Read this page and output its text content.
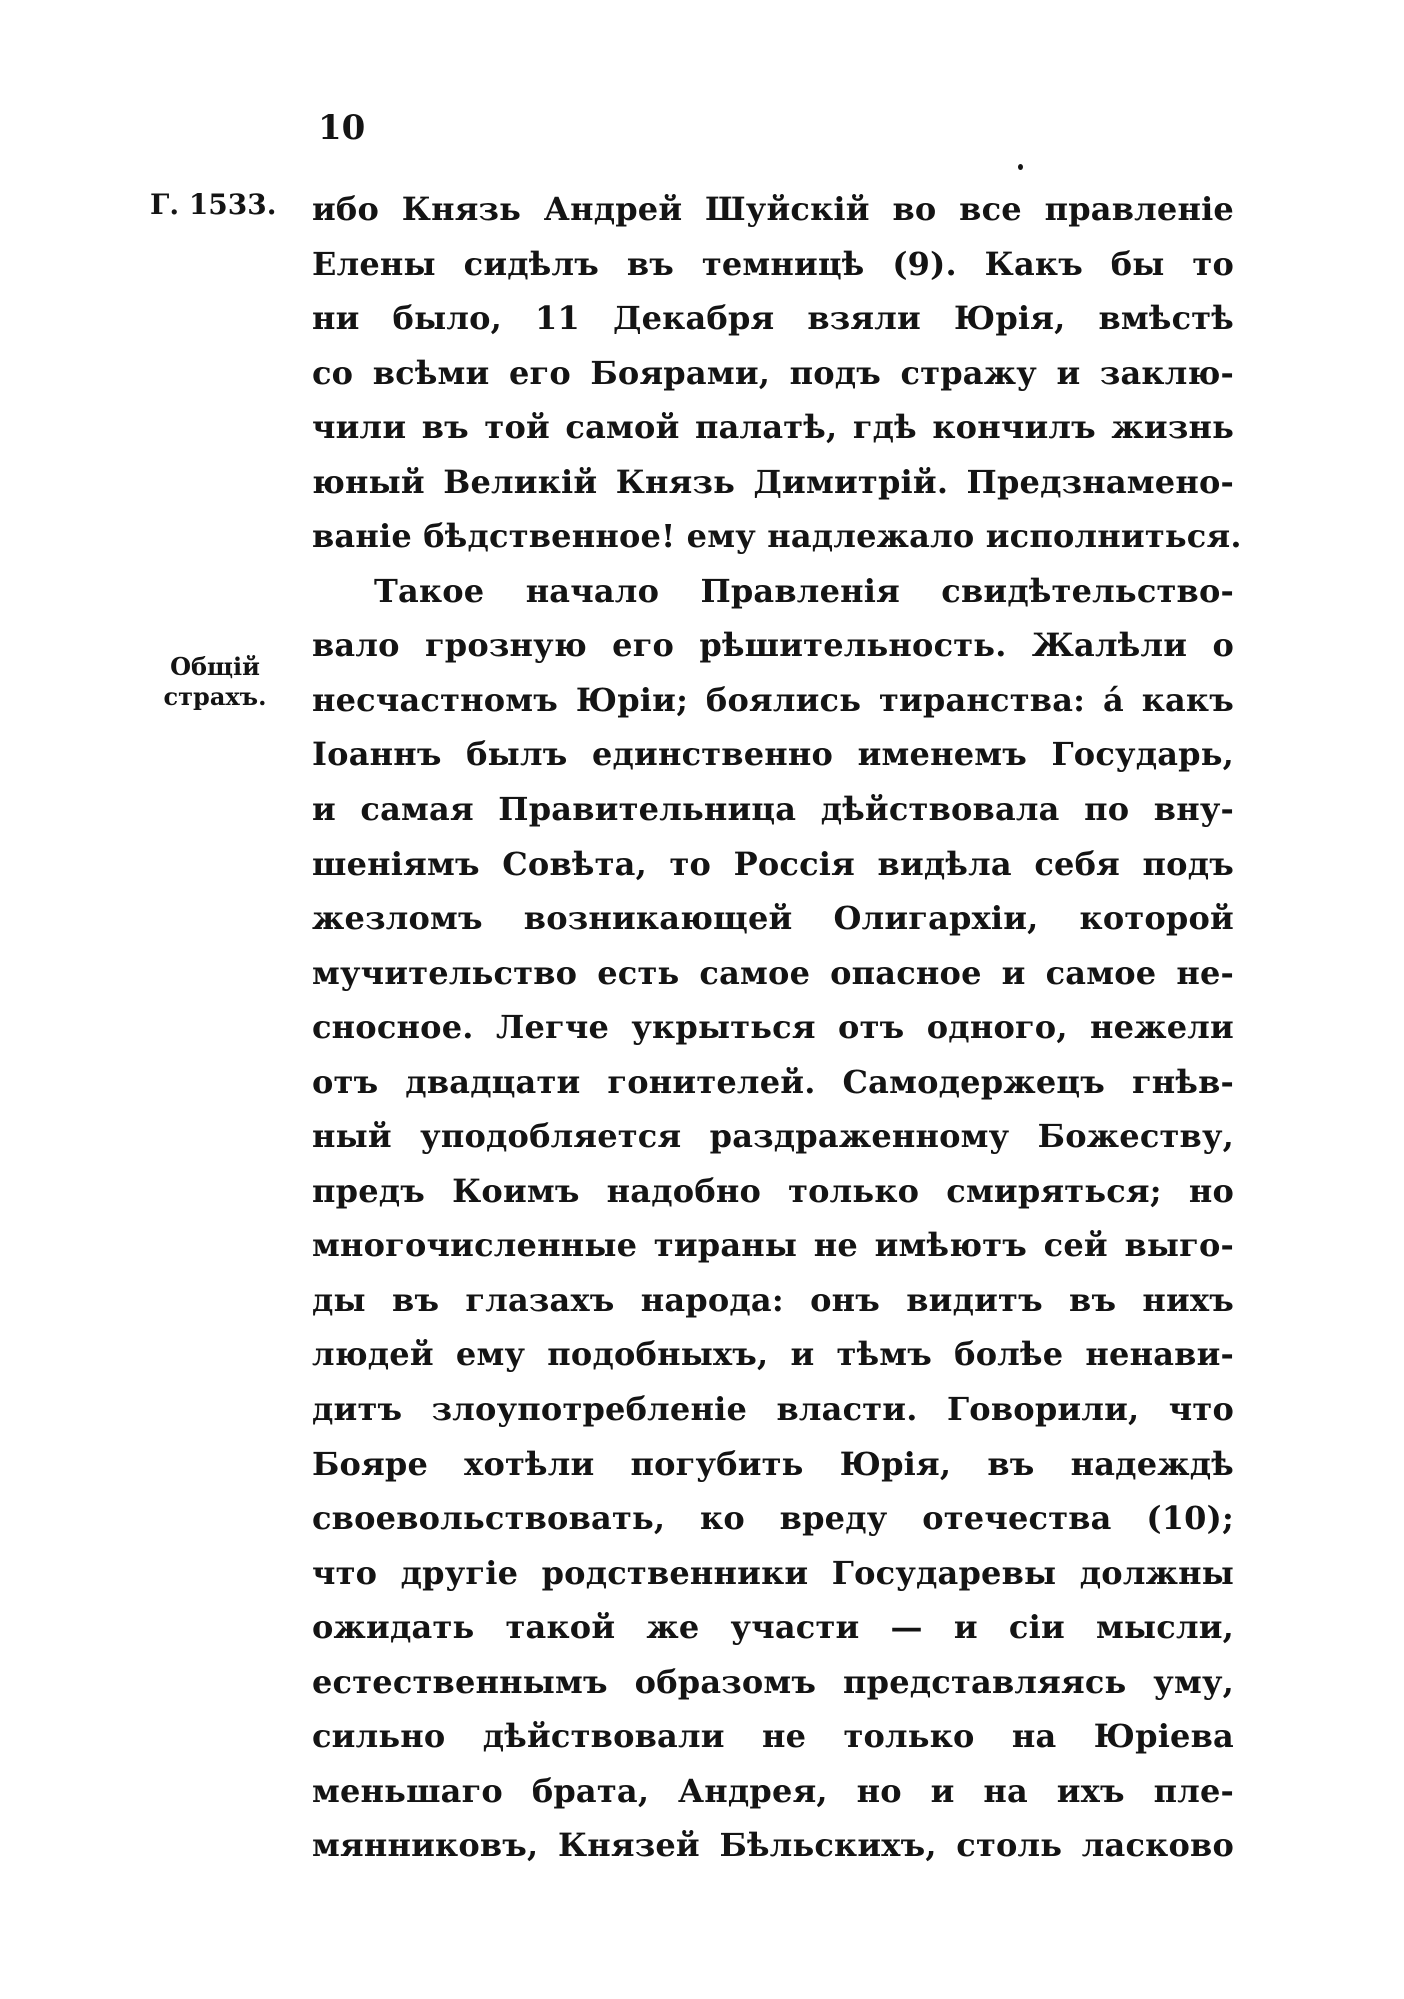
10
Г. 1533.
Общій
страхъ.
ибо Князь Андрей Шуйскій во все правленіе
Елены сидѣлъ въ темницѣ (9). Какъ бы то
ни было, 11 Декабря взяли Юрія, вмѣстѣ
со всѣми его Боярами, подъ стражу и заклю-
чили въ той самой палатѣ, гдѣ кончилъ жизнь
юный Великій Князь Димитрій. Предзнамено-
ваніе бѣдственное! ему надлежало исполниться.
Такое начало Правленія свидѣтельство-
вало грозную его рѣшительность. Жалѣли о
несчастномъ Юріи; боялись тиранства: а́ какъ
Іоаннъ былъ единственно именемъ Государь,
и самая Правительница дѣйствовала по вну-
шеніямъ Совѣта, то Россія видѣла себя подъ
жезломъ возникающей Олигархіи, которой
мучительство есть самое опасное и самое не-
сносное. Легче укрыться отъ одного, нежели
отъ двадцати гонителей. Самодержецъ гнѣв-
ный уподобляется раздраженному Божеству,
предъ Коимъ надобно только смиряться; но
многочисленные тираны не имѣютъ сей выго-
ды въ глазахъ народа: онъ видитъ въ нихъ
людей ему подобныхъ, и тѣмъ болѣе ненави-
дитъ злоупотребленіе власти. Говорили, что
Бояре хотѣли погубить Юрія, въ надеждѣ
своевольствовать, ко вреду отечества (10);
что другіе родственники Государевы должны
ожидать такой же участи — и сіи мысли,
естественнымъ образомъ представляясь уму,
сильно дѣйствовали не только на Юріева
меньшаго брата, Андрея, но и на ихъ пле-
мянниковъ, Князей Бѣльскихъ, столь ласково
